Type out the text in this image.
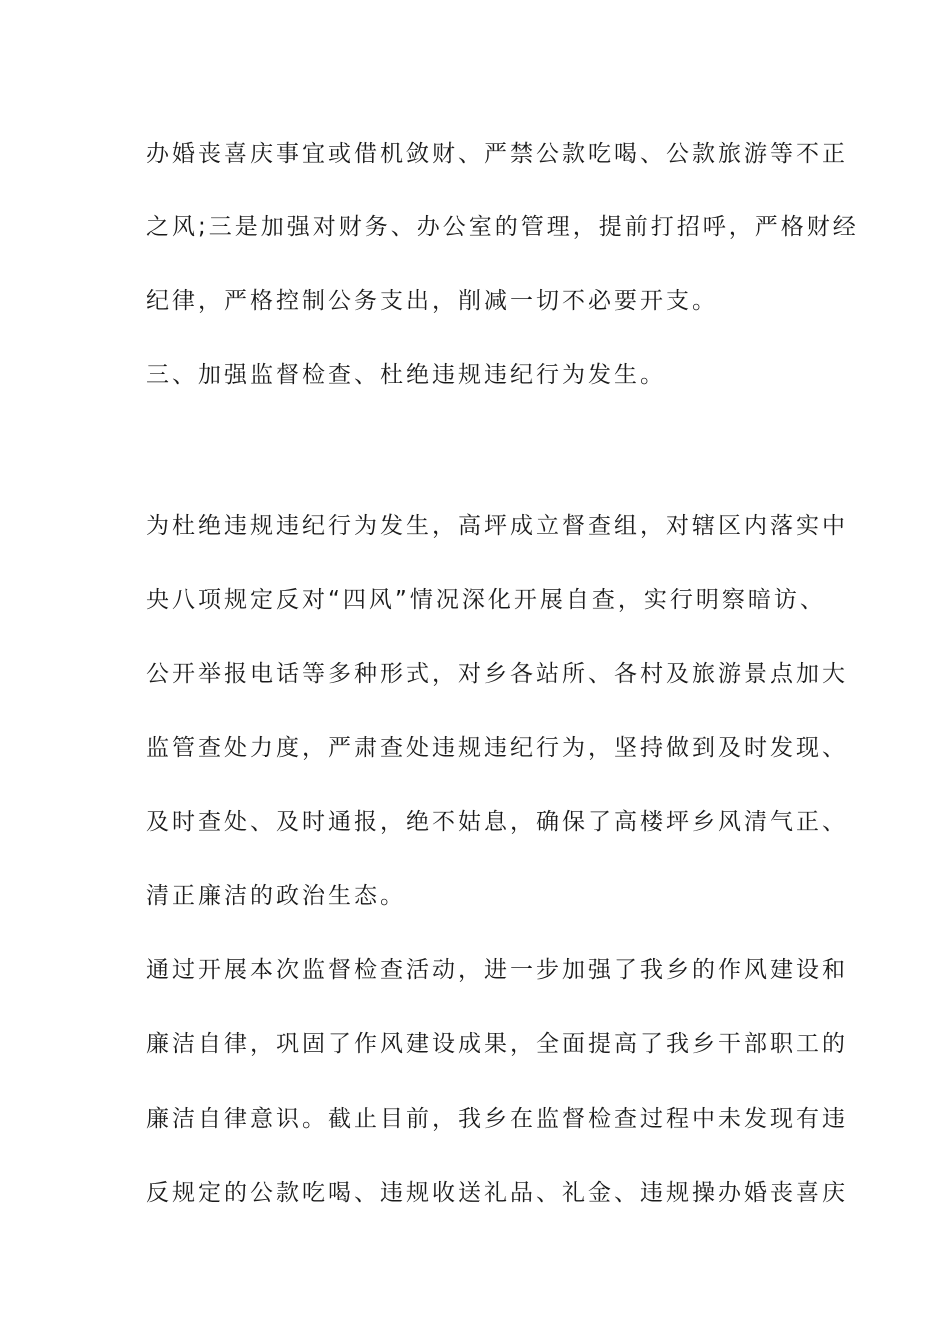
办婚丧喜庆事宜或借机敛财、严禁公款吃喝、公款旅游等不正
之风;三是加强对财务、办公室的管理，提前打招呼，严格财经
纪律，严格控制公务支出，削减一切不必要开支。
三、加强监督检查、杜绝违规违纪行为发生。
为杜绝违规违纪行为发生，高坪成立督查组，对辖区内落实中
央八项规定反对“四风”情况深化开展自查，实行明察暗访、
公开举报电话等多种形式，对乡各站所、各村及旅游景点加大
监管查处力度，严肃查处违规违纪行为，坚持做到及时发现、
及时查处、及时通报，绝不姑息，确保了高楼坪乡风清气正、
清正廉洁的政治生态。
通过开展本次监督检查活动，进一步加强了我乡的作风建设和
廉洁自律，巩固了作风建设成果，全面提高了我乡干部职工的
廉洁自律意识。截止目前，我乡在监督检查过程中未发现有违
反规定的公款吃喝、违规收送礼品、礼金、违规操办婚丧喜庆
